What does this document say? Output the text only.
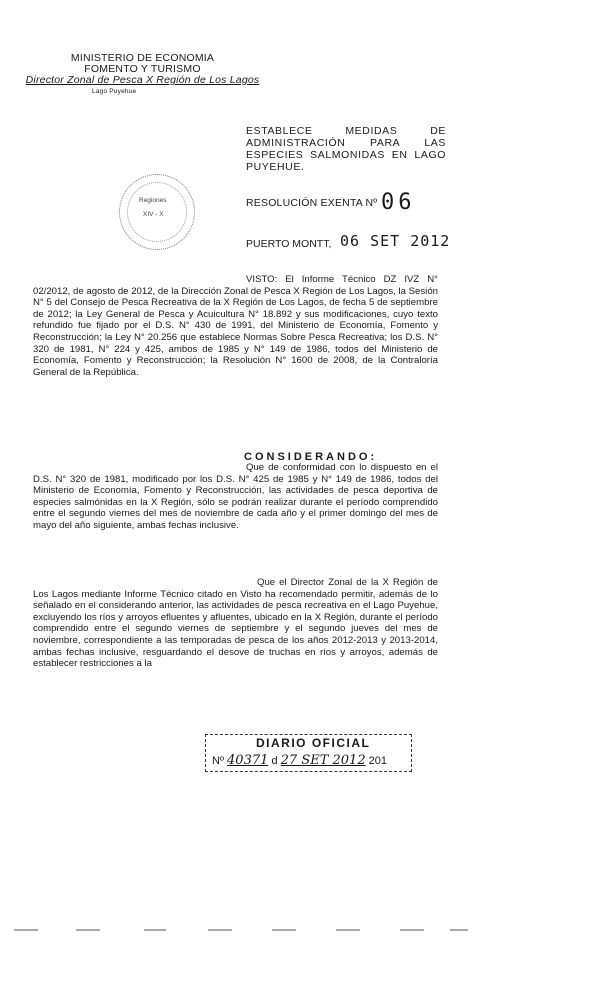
MINISTERIO DE ECONOMIA
FOMENTO Y TURISMO
Director Zonal de Pesca X Región de Los Lagos
Lago Puyehue
ESTABLECE MEDIDAS DE ADMINISTRACIÓN PARA LAS ESPECIES SALMONIDAS EN LAGO PUYEHUE.
Regiones
XIV - X
RESOLUCIÓN EXENTA Nº 06
PUERTO MONTT, 06 SET 2012
VISTO: El Informe Técnico DZ IVZ N° 02/2012, de agosto de 2012, de la Dirección Zonal de Pesca X Región de Los Lagos, la Sesión N° 5 del Consejo de Pesca Recreativa de la X Región de Los Lagos, de fecha 5 de septiembre de 2012; la Ley General de Pesca y Acuicultura N° 18.892 y sus modificaciones, cuyo texto refundido fue fijado por el D.S. N° 430 de 1991, del Ministerio de Economía, Fomento y Reconstrucción; la Ley N° 20.256 que establece Normas Sobre Pesca Recreativa; los D.S. N° 320 de 1981, N° 224 y 425, ambos de 1985 y N° 149 de 1986, todos del Ministerio de Economía, Fomento y Reconstrucción; la Resolución N° 1600 de 2008, de la Contraloría General de la República.
CONSIDERANDO:
Que de conformidad con lo dispuesto en el D.S. N° 320 de 1981, modificado por los D.S. N° 425 de 1985 y N° 149 de 1986, todos del Ministerio de Economía, Fomento y Reconstrucción, las actividades de pesca deportiva de especies salmónidas en la X Región, sólo se podrán realizar durante el período comprendido entre el segundo viernes del mes de noviembre de cada año y el primer domingo del mes de mayo del año siguiente, ambas fechas inclusive.
Que el Director Zonal de la X Región de Los Lagos mediante Informe Técnico citado en Visto ha recomendado permitir, además de lo señalado en el considerando anterior, las actividades de pesca recreativa en el Lago Puyehue, excluyendo los ríos y arroyos efluentes y afluentes, ubicado en la X Región, durante el período comprendido entre el segundo viernes de septiembre y el segundo jueves del mes de noviembre, correspondiente a las temporadas de pesca de los años 2012-2013 y 2013-2014, ambas fechas inclusive, resguardando el desove de truchas en ríos y arroyos, además de establecer restricciones a la
DIARIO OFICIAL
Nº 40371 d 27 SET 2012 201
